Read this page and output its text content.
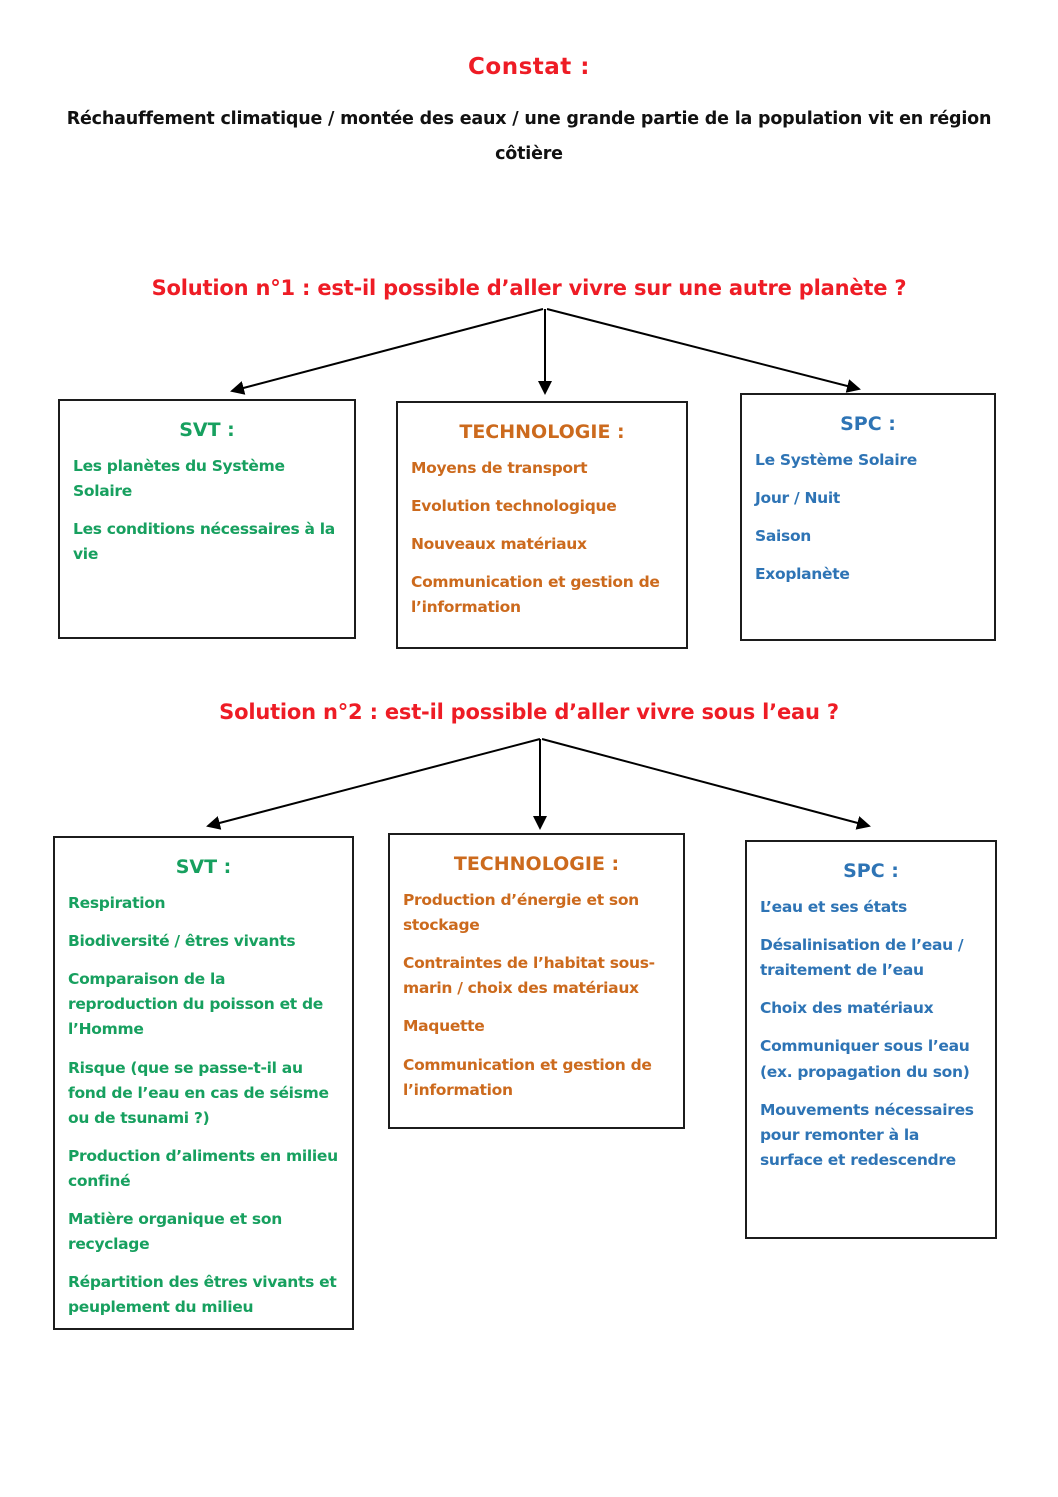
Constat :
Réchauffement climatique / montée des eaux / une grande partie de la population vit en région côtière
Solution n°1 : est-il possible d’aller vivre sur une autre planète ?
Solution n°2 : est-il possible d’aller vivre sous l’eau ?
SVT :

Les planètes du Système Solaire

Les conditions nécessaires à la vie

TECHNOLOGIE :

Moyens de transport

Evolution technologique

Nouveaux matériaux

Communication et gestion de l’information

SPC :

Le Système Solaire

Jour / Nuit

Saison

Exoplanète

SVT :

Respiration

Biodiversité / êtres vivants

Comparaison de la reproduction du poisson et de l’Homme

Risque (que se passe-t-il au fond de l’eau en cas de séisme ou de tsunami ?)

Production d’aliments en milieu confiné

Matière organique et son recyclage

Répartition des êtres vivants et peuplement du milieu

TECHNOLOGIE :

Production d’énergie et son stockage

Contraintes de l’habitat sous-marin / choix des matériaux

Maquette

Communication et gestion de l’information

SPC :

L’eau et ses états

Désalinisation de l’eau / traitement de l’eau

Choix des matériaux

Communiquer sous l’eau (ex. propagation du son)

Mouvements nécessaires pour remonter à la surface et redescendre
